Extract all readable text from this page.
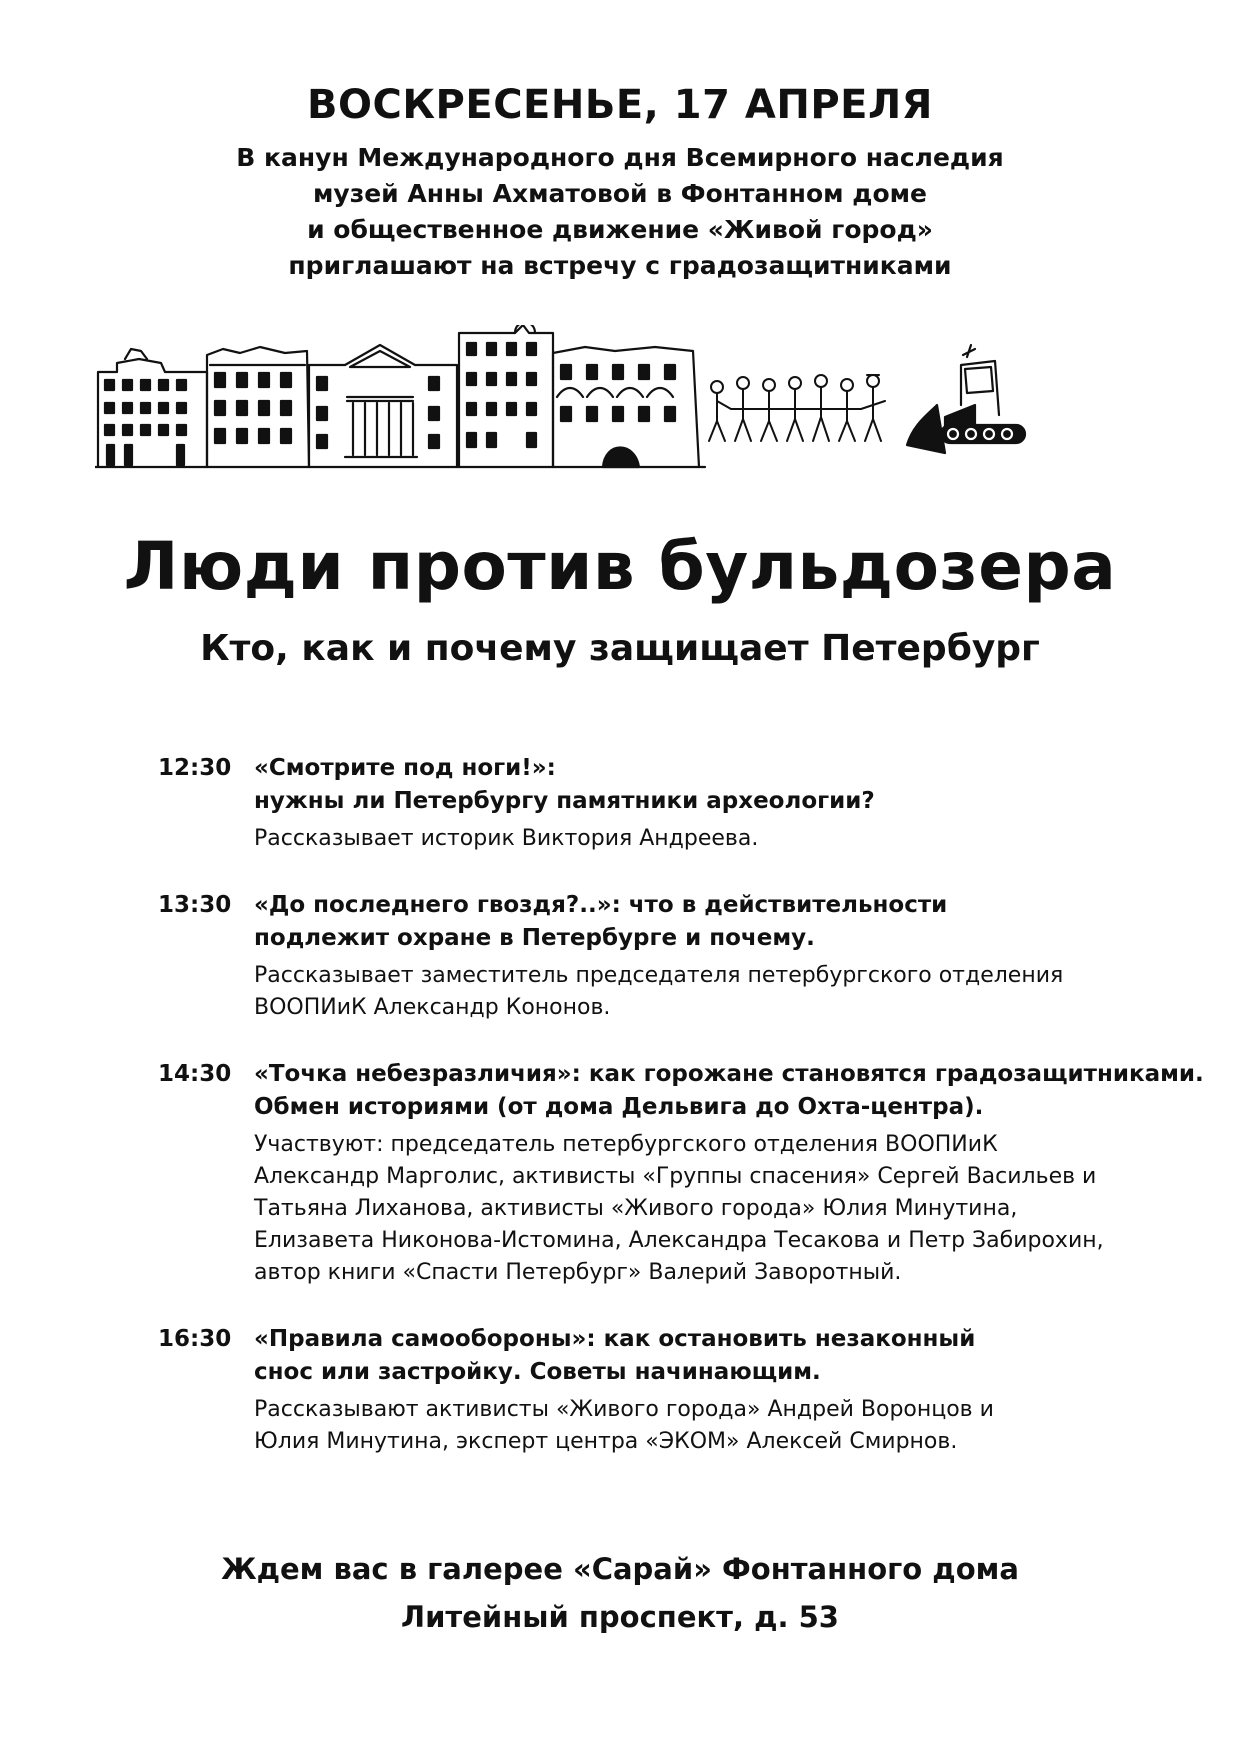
ВОСКРЕСЕНЬЕ, 17 АПРЕЛЯ
В канун Международного дня Всемирного наследия
музей Анны Ахматовой в Фонтанном доме
и общественное движение «Живой город»
приглашают на встречу с градозащитниками
Люди против бульдозера
Кто, как и почему защищает Петербург
12:30 «Смотрите под ноги!»:
нужны ли Петербургу памятники археологии?
Рассказывает историк Виктория Андреева.
13:30 «До последнего гвоздя?..»: что в действительности
подлежит охране в Петербурге и почему.
Рассказывает заместитель председателя петербургского отделения
ВООПИиК Александр Кононов.
14:30 «Точка небезразличия»: как горожане становятся градозащитниками.
Обмен историями (от дома Дельвига до Охта-центра).
Участвуют: председатель петербургского отделения ВООПИиК
Александр Марголис, активисты «Группы спасения» Сергей Васильев и
Татьяна Лиханова, активисты «Живого города» Юлия Минутина,
Елизавета Никонова-Истомина, Александра Тесакова и Петр Забирохин,
автор книги «Спасти Петербург» Валерий Заворотный.
16:30 «Правила самообороны»: как остановить незаконный
снос или застройку. Советы начинающим.
Рассказывают активисты «Живого города» Андрей Воронцов и
Юлия Минутина, эксперт центра «ЭКОМ» Алексей Смирнов.
Ждем вас в галерее «Сарай» Фонтанного дома
Литейный проспект, д. 53
